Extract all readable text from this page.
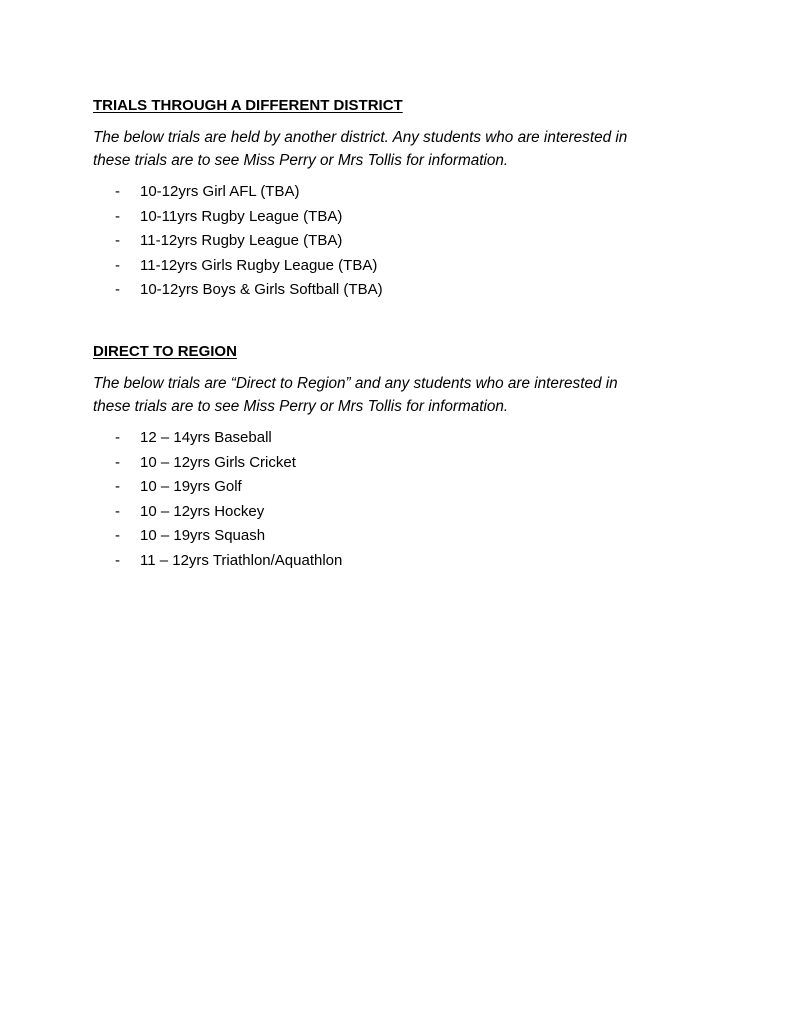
TRIALS THROUGH A DIFFERENT DISTRICT
The below trials are held by another district. Any students who are interested in
these trials are to see Miss Perry or Mrs Tollis for information.
- 10-12yrs Girl AFL (TBA)
- 10-11yrs Rugby League (TBA)
- 11-12yrs Rugby League (TBA)
- 11-12yrs Girls Rugby League (TBA)
- 10-12yrs Boys & Girls Softball (TBA)
DIRECT TO REGION
The below trials are “Direct to Region” and any students who are interested in
these trials are to see Miss Perry or Mrs Tollis for information.
- 12 – 14yrs Baseball
- 10 – 12yrs Girls Cricket
- 10 – 19yrs Golf
- 10 – 12yrs Hockey
- 10 – 19yrs Squash
- 11 – 12yrs Triathlon/Aquathlon
